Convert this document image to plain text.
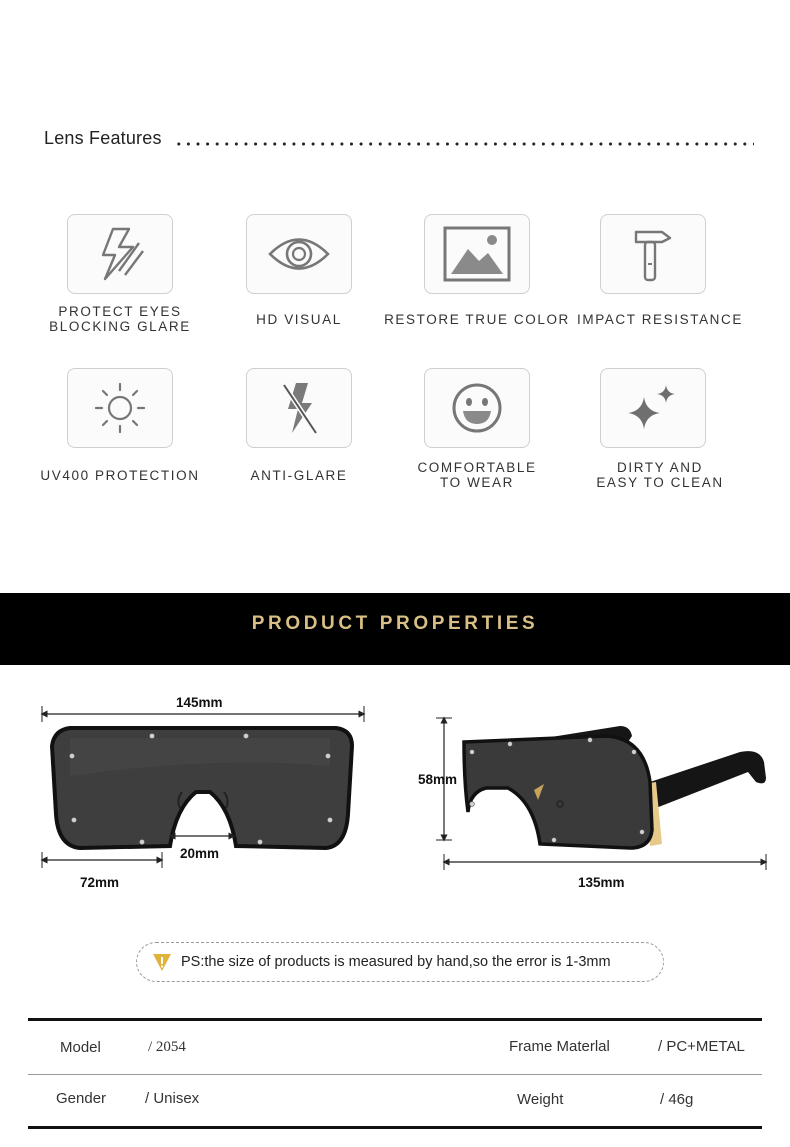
Lens Features
PROTECT EYES
BLOCKING GLARE	HD VISUAL	RESTORE TRUE COLOR IMPACT RESISTANCE
UV400 PROTECTION	ANTI-GLARE
COMFORTABLE
TO WEAR
DIRTY AND
EASY TO CLEAN
PRODUCT PROPERTIES
145mm
20mm
72mm
58mm
135mm
PS:the size of products is measured by hand,so the error is 1-3mm
Model	/ 2054	Frame Materlal	/ PC+METAL
Gender	/ Unisex	Weight	/ 46g
